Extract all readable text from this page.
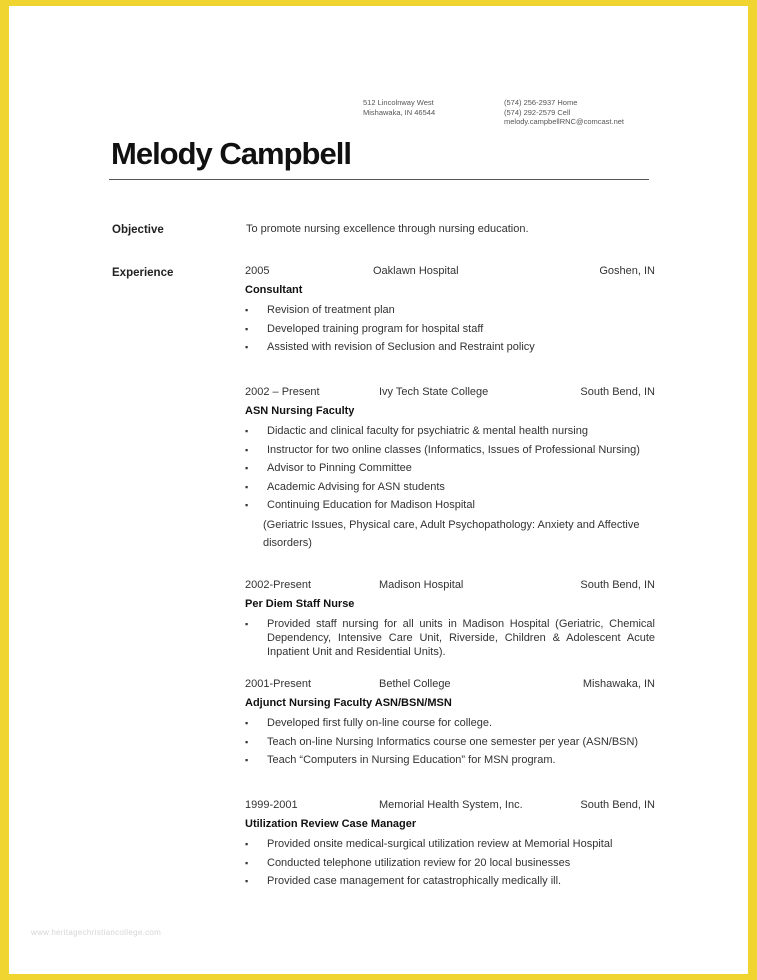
512 Lincolnway West
Mishawaka, IN 46544
(574) 256-2937 Home
(574) 292-2579 Cell
melody.campbellRNC@comcast.net
Melody Campbell
Objective	To promote nursing excellence through nursing education.
Experience	2005	Oaklawn Hospital	Goshen, IN
Consultant
▪ Revision of treatment plan
▪ Developed training program for hospital staff
▪ Assisted with revision of Seclusion and Restraint policy
2002 – Present	Ivy Tech State College	South Bend, IN
ASN Nursing Faculty
▪ Didactic and clinical faculty for psychiatric & mental health nursing
▪ Instructor for two online classes (Informatics, Issues of Professional Nursing)
▪ Advisor to Pinning Committee
▪ Academic Advising for ASN students
▪ Continuing Education for Madison Hospital
(Geriatric Issues, Physical care, Adult Psychopathology: Anxiety and Affective disorders)
2002-Present	Madison Hospital	South Bend, IN
Per Diem Staff Nurse
▪ Provided staff nursing for all units in Madison Hospital (Geriatric, Chemical Dependency, Intensive Care Unit, Riverside, Children & Adolescent Acute Inpatient Unit and Residential Units).
2001-Present	Bethel College	Mishawaka, IN
Adjunct Nursing Faculty ASN/BSN/MSN
▪ Developed first fully on-line course for college.
▪ Teach on-line Nursing Informatics course one semester per year (ASN/BSN)
▪ Teach “Computers in Nursing Education” for MSN program.
1999-2001	Memorial Health System, Inc.	South Bend, IN
Utilization Review Case Manager
▪ Provided onsite medical-surgical utilization review at Memorial Hospital
▪ Conducted telephone utilization review for 20 local businesses
▪ Provided case management for catastrophically medically ill.
www.heritagechristiancollege.com
